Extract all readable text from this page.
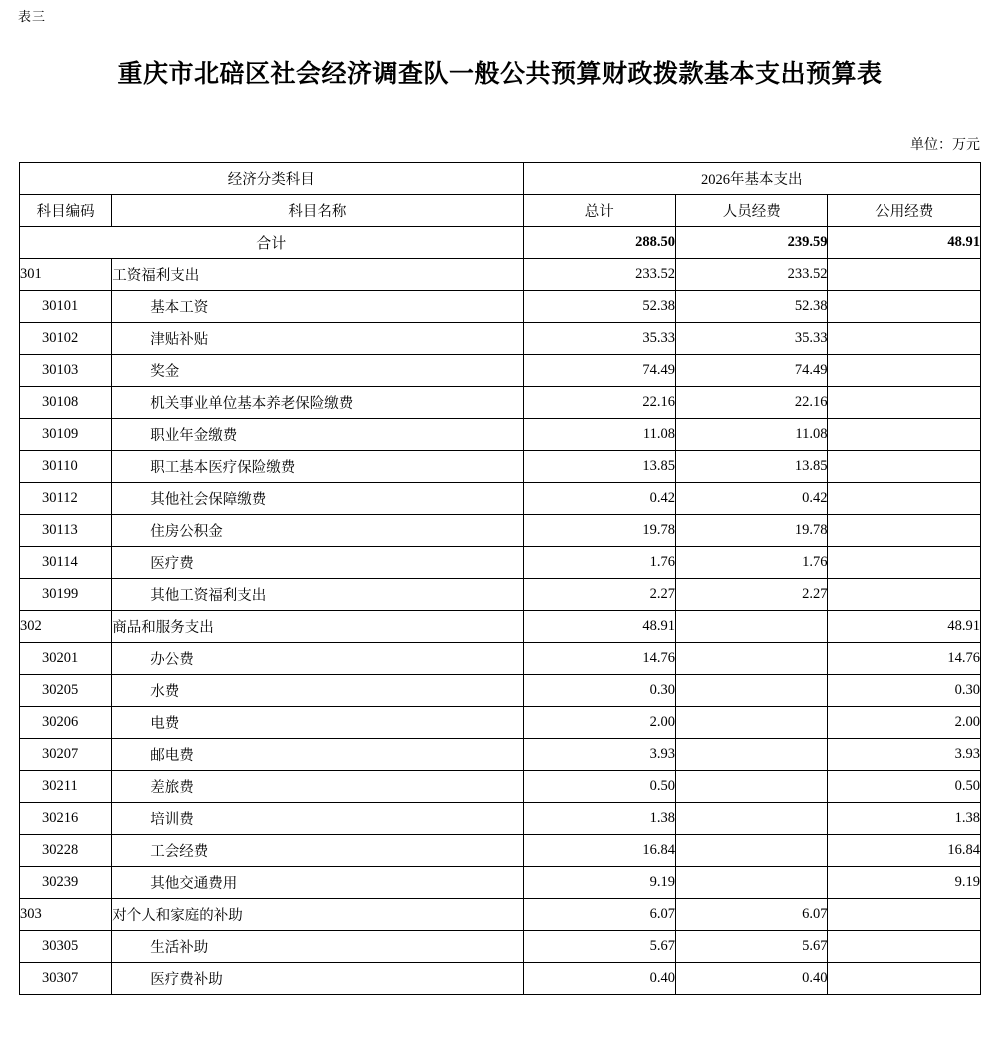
表三
重庆市北碚区社会经济调查队一般公共预算财政拨款基本支出预算表
单位：万元
经济分类科目		2026年基本支出		
科目编码	科目名称	总计	人员经费	公用经费
合计		288.50	239.59	48.91
301	工资福利支出	233.52	233.52	
30101	基本工资	52.38	52.38	
30102	津贴补贴	35.33	35.33	
30103	奖金	74.49	74.49	
30108	机关事业单位基本养老保险缴费	22.16	22.16	
30109	职业年金缴费	11.08	11.08	
30110	职工基本医疗保险缴费	13.85	13.85	
30112	其他社会保障缴费	0.42	0.42	
30113	住房公积金	19.78	19.78	
30114	医疗费	1.76	1.76	
30199	其他工资福利支出	2.27	2.27	
302	商品和服务支出	48.91		48.91
30201	办公费	14.76		14.76
30205	水费	0.30		0.30
30206	电费	2.00		2.00
30207	邮电费	3.93		3.93
30211	差旅费	0.50		0.50
30216	培训费	1.38		1.38
30228	工会经费	16.84		16.84
30239	其他交通费用	9.19		9.19
303	对个人和家庭的补助	6.07	6.07	
30305	生活补助	5.67	5.67	
30307	医疗费补助	0.40	0.40	
